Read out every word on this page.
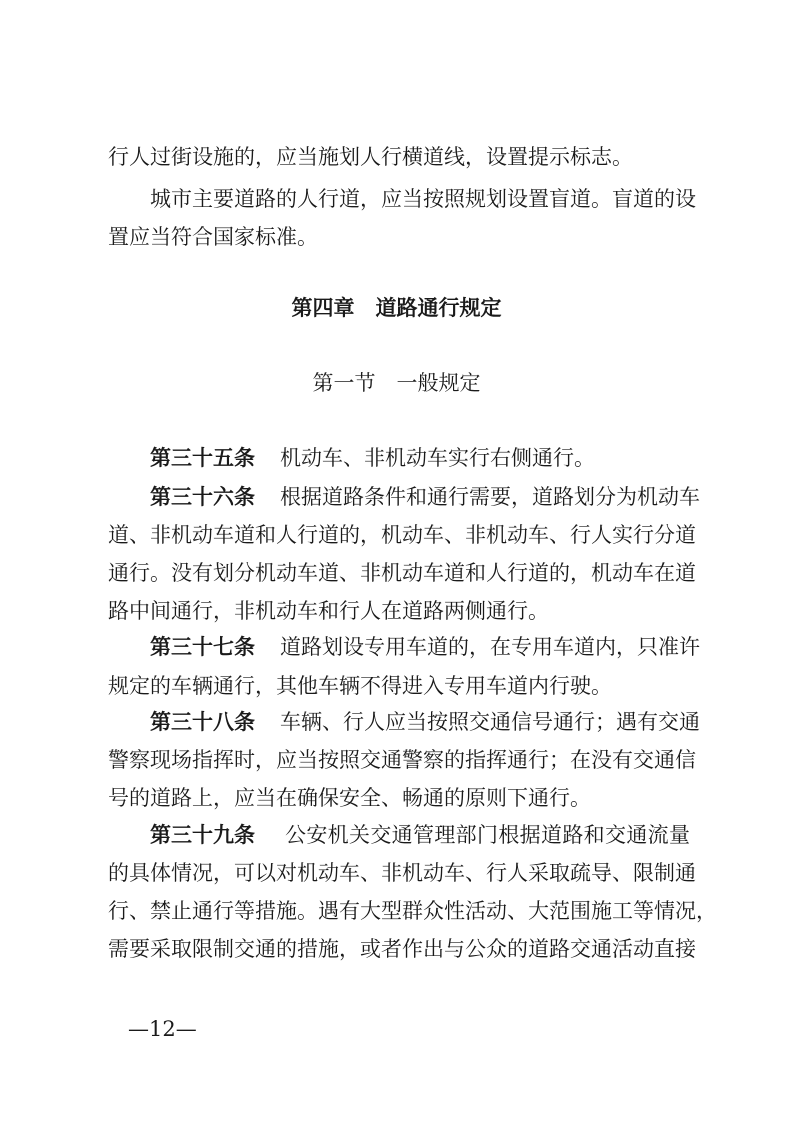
行人过街设施的，应当施划人行横道线，设置提示标志。
城市主要道路的人行道，应当按照规划设置盲道。盲道的设
置应当符合国家标准。
第四章　道路通行规定
第一节　一般规定
第三十五条 机动车、非机动车实行右侧通行。
第三十六条 根据道路条件和通行需要，道路划分为机动车
道、非机动车道和人行道的，机动车、非机动车、行人实行分道
通行。没有划分机动车道、非机动车道和人行道的，机动车在道
路中间通行，非机动车和行人在道路两侧通行。
第三十七条 道路划设专用车道的，在专用车道内，只准许
规定的车辆通行，其他车辆不得进入专用车道内行驶。
第三十八条 车辆、行人应当按照交通信号通行；遇有交通
警察现场指挥时，应当按照交通警察的指挥通行；在没有交通信
号的道路上，应当在确保安全、畅通的原则下通行。
第三十九条 公安机关交通管理部门根据道路和交通流量
的具体情况，可以对机动车、非机动车、行人采取疏导、限制通
行、禁止通行等措施。遇有大型群众性活动、大范围施工等情况，
需要采取限制交通的措施，或者作出与公众的道路交通活动直接
—12—
